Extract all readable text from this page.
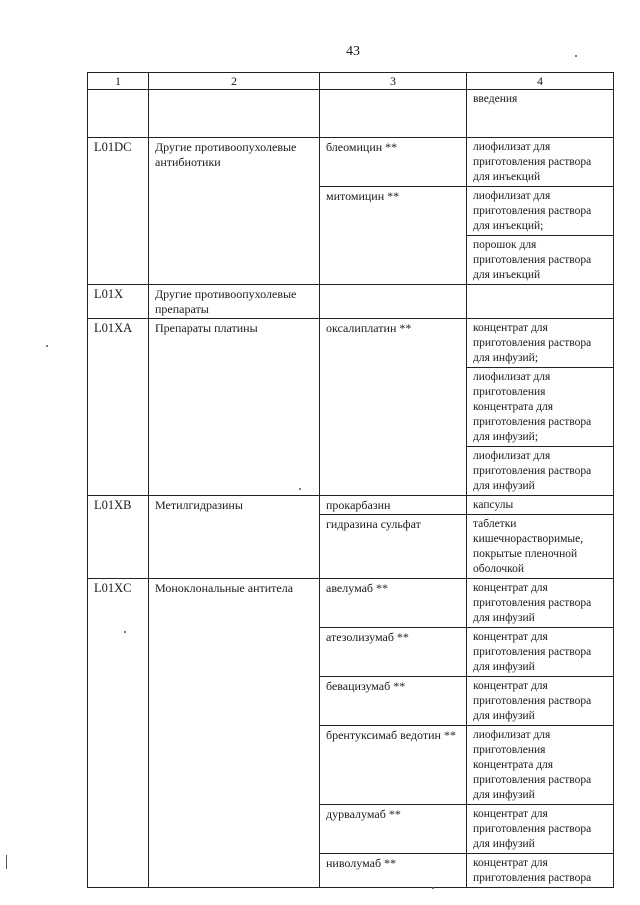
43
1	2	3	4
			введения
L01DC	Другие противоопухолевые антибиотики	блеомицин **	лиофилизат для приготовления раствора для инъекций
		митомицин **	лиофилизат для приготовления раствора для инъекций;
			порошок для приготовления раствора для инъекций
L01X	Другие противоопухолевые препараты		
L01XA	Препараты платины	оксалиплатин **	концентрат для приготовления раствора для инфузий;
			лиофилизат для приготовления концентрата для приготовления раствора для инфузий;
			лиофилизат для приготовления раствора для инфузий
L01XB	Метилгидразины	прокарбазин	капсулы
		гидразина сульфат	таблетки кишечнорастворимые, покрытые пленочной оболочкой
L01XC	Моноклональные антитела	авелумаб **	концентрат для приготовления раствора для инфузий
		атезолизумаб **	концентрат для приготовления раствора для инфузий
		бевацизумаб **	концентрат для приготовления раствора для инфузий
		брентуксимаб ведотин **	лиофилизат для приготовления концентрата для приготовления раствора для инфузий
		дурвалумаб **	концентрат для приготовления раствора для инфузий
		ниволумаб **	концентрат для приготовления раствора
